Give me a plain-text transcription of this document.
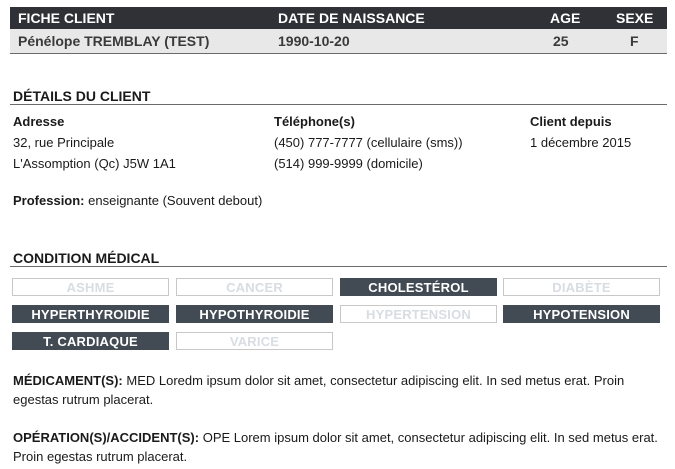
FICHE CLIENT	DATE DE NAISSANCE	AGE	SEXE
Pénélope TREMBLAY (TEST)	1990-10-20	25	F
DÉTAILS DU CLIENT
Adresse
32, rue Principale
L'Assomption (Qc) J5W 1A1
Téléphone(s)
(450) 777-7777 (cellulaire (sms))
(514) 999-9999 (domicile)
Client depuis
1 décembre 2015
Profession: enseignante (Souvent debout)
CONDITION MÉDICAL
ASHME	CANCER	CHOLESTÉROL	DIABÈTE
HYPERTHYROIDIE	HYPOTHYROIDIE	HYPERTENSION	HYPOTENSION
T. CARDIAQUE	VARICE
MÉDICAMENT(S): MED Loredm ipsum dolor sit amet, consectetur adipiscing elit. In sed metus erat. Proin egestas rutrum placerat.
OPÉRATION(S)/ACCIDENT(S): OPE Lorem ipsum dolor sit amet, consectetur adipiscing elit. In sed metus erat. Proin egestas rutrum placerat.
